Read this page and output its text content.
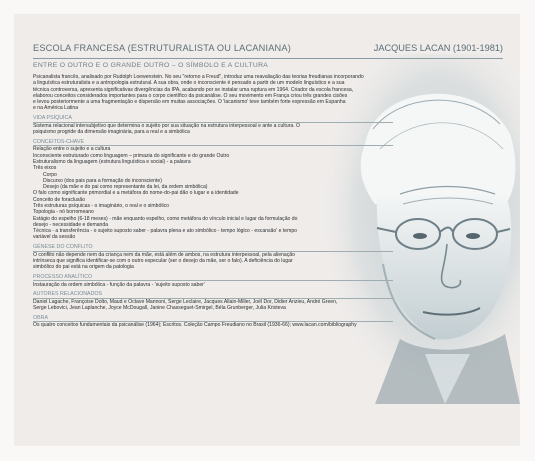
ESCOLA FRANCESA (ESTRUTURALISTA OU LACANIANA)	JACQUES LACAN (1901-1981)
ENTRE O OUTRO E O GRANDE OUTRO – O SÍMBOLO E A CULTURA

Psicanalista francês, analisado por Rudolph Loewenstein. No seu "retorno a Freud", introduz uma reavaliação das teorias freudianas incorporando

a linguística estruturalista e a antropologia estrutural. A sua obra, onde o inconsciente é pensado a partir de um modelo linguístico e a sua

técnica controversa, apresenta significativas divergências da IPA, acabando por se instalar uma ruptura em 1964. Criador da escola francesa,

elaborou conceitos considerados importantes para o corpo científico da psicanálise. O seu movimento em França criou três grandes cisões

e levou posteriormente a uma fragmentação e dispersão em muitas associações. O 'lacanismo' teve também forte expressão em Espanha

e na América Latina

VIDA PSÍQUICA

Sistema relacional intersubjetivo que determina o sujeito por sua situação na estrutura interpessoal e ante a cultura. O

psiquismo progride da dimensão imaginária, para a real e a simbólica

CONCEITOS-CHAVE

Relação entre o sujeito e a cultura

Inconsciente estruturado como linguagem – primazia do significante e do grande Outro

Estruturalismo da linguagem (estrutura linguística e social) - a palavra

Três eixos

Corpo

Discurso (dos pais para a formação do inconsciente)

Desejo (da mãe e do pai como representante da lei, da ordem simbólica)

O falo como significante primordial e a metáfora do nome-do-pai dão o lugar e a identidade

Conceito de foraclusão

Três estruturas psíquicas - o imaginário, o real e o simbólico

Topologia - nó borromeano

Estágio do espelho (6-18 meses) - mãe enquanto espelho, como metáfora do vínculo inicial e lugar da formulação do

desejo - necessidade e demanda

Técnica - a transferência - o sujeito suposto saber - palavra plena e ato simbólico - tempo lógico - escansão' e tempo

variável da sessão

GÉNESE DO CONFLITO

O conflito não depende nem da criança nem da mãe, está além de ambos, na estrutura interpessoal, pela alienação

intrínseca que significa identificar-se com o outro especular (ser o desejo da mãe, ser o falo). A deficiência do lugar

simbólico do pai está na origem da patologia

PROCESSO ANALÍTICO

Instauração da ordem simbólica - função da palavra - 'sujeito suposto saber'

AUTORES RELACIONADOS

Daniel Lagache, Françoise Dolto, Maud e Octave Mannoni, Serge Leclaire, Jacques Allain-Miller, Joël Dor, Didier Anzieu, André Green,

Serge Lebovici, Jean Laplanche, Joyce McDougall, Janine Chasseguet-Smirgel, Béla Grunberger, Julia Kristeva

OBRA

Os quatro conceitos fundamentais da psicanálise (1964); Escritos. Coleção Campo Freudiano no Brasil (1936-66); www.lacan.com/bibliography
